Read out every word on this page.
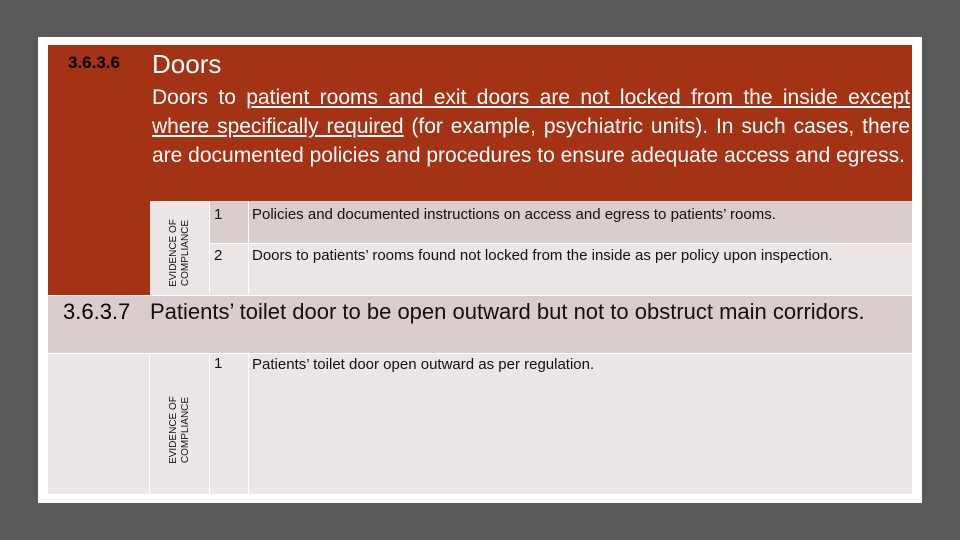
3.6.3.6 Doors
Doors to patient rooms and exit doors are not locked from the inside except where specifically required (for example, psychiatric units). In such cases, there are documented policies and procedures to ensure adequate access and egress.
EVIDENCE OF COMPLIANCE
1 Policies and documented instructions on access and egress to patients’ rooms.
2 Doors to patients’ rooms found not locked from the inside as per policy upon inspection.
3.6.3.7 Patients’ toilet door to be open outward but not to obstruct main corridors.
EVIDENCE OF COMPLIANCE
1 Patients’ toilet door open outward as per regulation.
